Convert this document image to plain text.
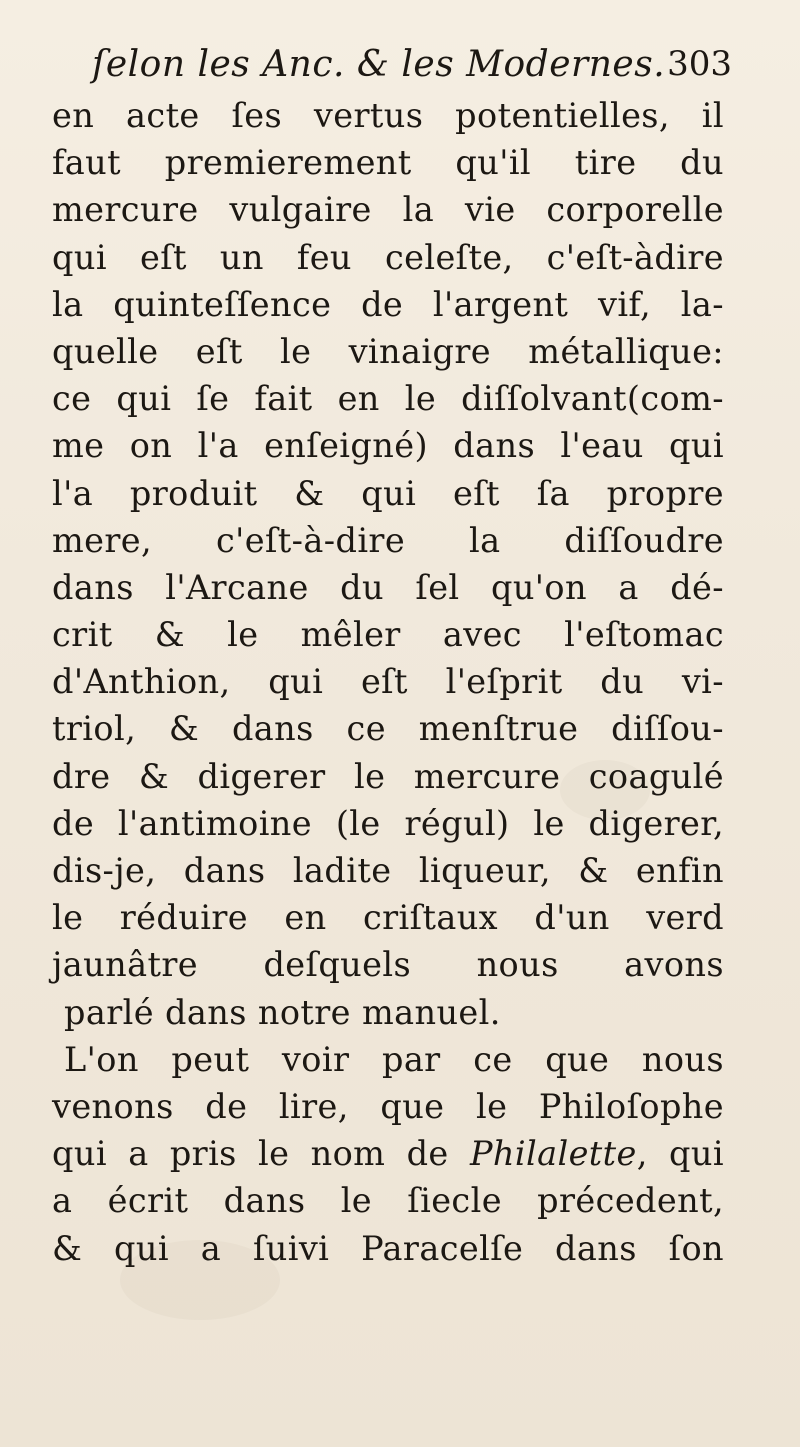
ſelon les Anc. & les Modernes. 303
en acte ſes vertus potentielles, il
faut premierement qu'il tire du
mercure vulgaire la vie corporelle
qui eſt un feu celeſte, c'eſt-àdire
la quinteſſence de l'argent vif, la-
quelle eſt le vinaigre métallique:
ce qui ſe fait en le diſſolvant(com-
me on l'a enſeigné) dans l'eau qui
l'a produit & qui eſt ſa propre
mere, c'eſt-à-dire la diſſoudre
dans l'Arcane du ſel qu'on a dé-
crit & le mêler avec l'eſtomac
d'Anthion, qui eſt l'eſprit du vi-
triol, & dans ce menſtrue diſſou-
dre & digerer le mercure coagulé
de l'antimoine (le régul) le digerer,
dis-je, dans ladite liqueur, & enfin
le réduire en criſtaux d'un verd
jaunâtre deſquels nous avons
parlé dans notre manuel.
L'on peut voir par ce que nous
venons de lire, que le Philoſophe
qui a pris le nom de Philalette, qui
a écrit dans le ſiecle précedent,
& qui a ſuivi Paracelſe dans ſon
